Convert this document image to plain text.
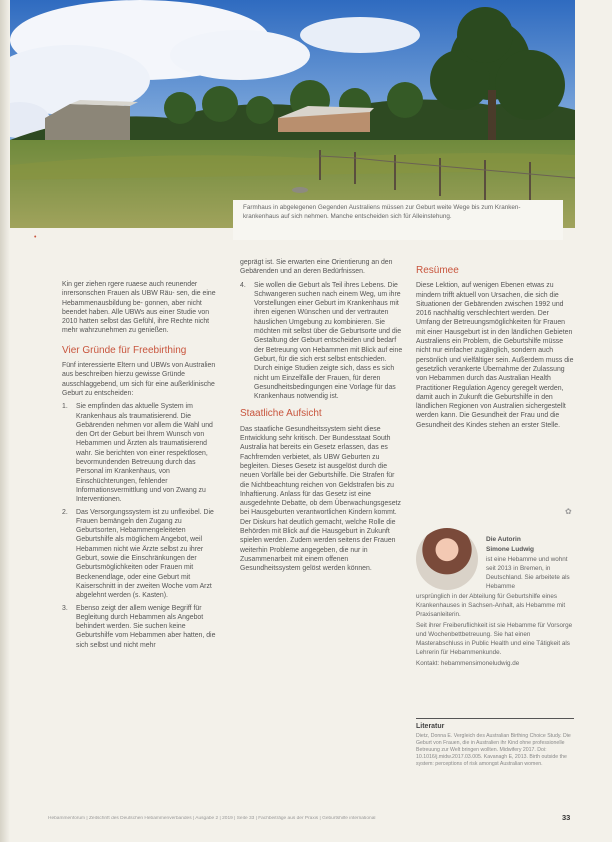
Farmhaus in abgelegenen Gegenden Australiens müssen zur Geburt weite Wege bis zum Kranken- krankenhaus auf sich nehmen. Manche entscheiden sich für Alleinstehung.
•

Kin ger ziehen rgere ruaese auch reunender inrersonschen Frauen als UBW Räu- sen, die eine Hebammenausbildung be- gonnen, aber nicht beendet haben. Alle UBWs aus einer Studie von 2010 hatten selbst das Gefühl, ihre Rechte nicht mehr wahrzunehmen zu genießen.

Vier Gründe für Freebirthing

Fünf interessierte Eltern und UBWs von Australien aus beschreiben hierzu gewisse Gründe ausschlaggebend, um sich für eine außerklinische Geburt zu entscheiden:

1. Sie empfinden das aktuelle System im Krankenhaus als traumatisierend. Die Gebärenden nehmen vor allem die Wahl und den Ort der Geburt bei Ihrem Wunsch von Hebammen und Ärzten als traumatisierend wahr. Sie berichten von einer respektlosen, bevormundenden Betreuung durch das Personal im Krankenhaus, von Einschüchterungen, fehlender Informationsvermittlung und von Zwang zu Interventionen.
2. Das Versorgungssystem ist zu unflexibel. Die Frauen bemängeln den Zugang zu Geburtsorten, Hebammengeleiteten Geburtshilfe als möglichem Angebot, weil Hebammen nicht wie Ärzte selbst zu ihrer Geburt, sowie die Einschränkungen der Geburtsmöglichkeiten oder Frauen mit Beckenendlage, oder eine Geburt mit Kaiserschnitt in der zweiten Woche vom Arzt abgelehnt werden (s. Kasten).
3. Ebenso zeigt der allem wenige Begriff für Begleitung durch Hebammen als Angebot behindert werden. Sie suchen keine Geburtshilfe vom Hebammen aber hatten, die sich selbst und nicht mehr

geprägt ist. Sie erwarten eine Orientierung an den Gebärenden und an deren Bedürfnissen.

4. Sie wollen die Geburt als Teil ihres Lebens. Die Schwangeren suchen nach einem Weg, um ihre Vorstellungen einer Geburt im Krankenhaus mit ihren eigenen Wünschen und der vertrauten häuslichen Umgebung zu kombinieren. Sie möchten mit selbst über die Geburtsorte und die Gestaltung der Geburt entscheiden und bedarf der Betreuung von Hebammen mit Blick auf eine Geburt, für die sich erst selbst entschieden. Durch einige Studien zeigte sich, dass es sich nicht um Einzelfälle der Frauen, für deren Gesundheitsbedingungen eine Vorlage für das Krankenhaus notwendig ist.
Staatliche Aufsicht

Das staatliche Gesundheitssystem sieht diese Entwicklung sehr kritisch. Der Bundesstaat South Australia hat bereits ein Gesetz erlassen, das es Fachfremden verbietet, als UBW Geburten zu begleiten. Dieses Gesetz ist ausgelöst durch die neuen Vorfälle bei der Geburtshilfe. Die Strafen für die Nichtbeachtung reichen von Geldstrafen bis zu Inhaftierung. Anlass für das Gesetz ist eine ausgedehnte Debatte, ob dem Überwachungsgesetz bei Hausgeburten verantwortlichen Kindern kommt. Der Diskurs hat deutlich gemacht, welche Rolle die Behörden mit Blick auf die Hausgeburt in Zukunft spielen werden. Zudem werden seitens der Frauen weiterhin Probleme angegeben, die nur in Zusammenarbeit mit einem offenen Gesundheitssystem gelöst werden können.

Resümee

Diese Lektion, auf wenigen Ebenen etwas zu mindern trifft aktuell von Ursachen, die sich die Situationen der Gebärenden zwischen 1992 und 2016 nachhaltig verschlechtert werden. Der Umfang der Betreuungsmöglichkeiten für Frauen mit einer Hausgeburt ist in den ländlichen Gebieten Australiens ein Problem, die Geburtshilfe müsse nicht nur einfacher zugänglich, sondern auch persönlich und vielfältiger sein. Außerdem muss die gesetzlich verankerte Übernahme der Zulassung von Hebammen durch das Australian Health Practitioner Regulation Agency geregelt werden, damit auch in Zukunft die Geburtshilfe in den ländlichen Regionen von Australien sichergestellt werden kann. Die Gesundheit der Frau und die Gesundheit des Kindes stehen an erster Stelle.

✿
Die Autorin
Simone Ludwig
ist eine Hebamme und wohnt seit 2013 in Bremen, in Deutschland. Sie arbeitete als Hebamme

ursprünglich in der Abteilung für Geburtshilfe eines Krankenhauses in Sachsen-Anhalt, als Hebamme mit Praxisanleiterin.

Seit ihrer Freiberuflichkeit ist sie Hebamme für Vorsorge und Wochenbettbetreuung. Sie hat einen Masterabschluss in Public Health und eine Tätigkeit als Lehrerin für Hebammenkunde.

Kontakt: hebammensimoneludwig.de

Literatur
Dietz, Donna E. Vergleich des Australian Birthing Choice Study. Die Geburt von Frauen, die in Australien ihr Kind ohne professionelle Betreuung zur Welt bringen wollten. Midwifery 2017. Doi: 10.1016/j.midw.2017.03.005. Kavanagh E, 2013. Birth outside the system: perceptions of risk amongst Australian women.
Hebammenforum | Zeitschrift des Deutschen Hebammenverbandes | Ausgabe 2 | 2019 | Seite 33 | Fachbeiträge aus der Praxis | Geburtshilfe international	33
